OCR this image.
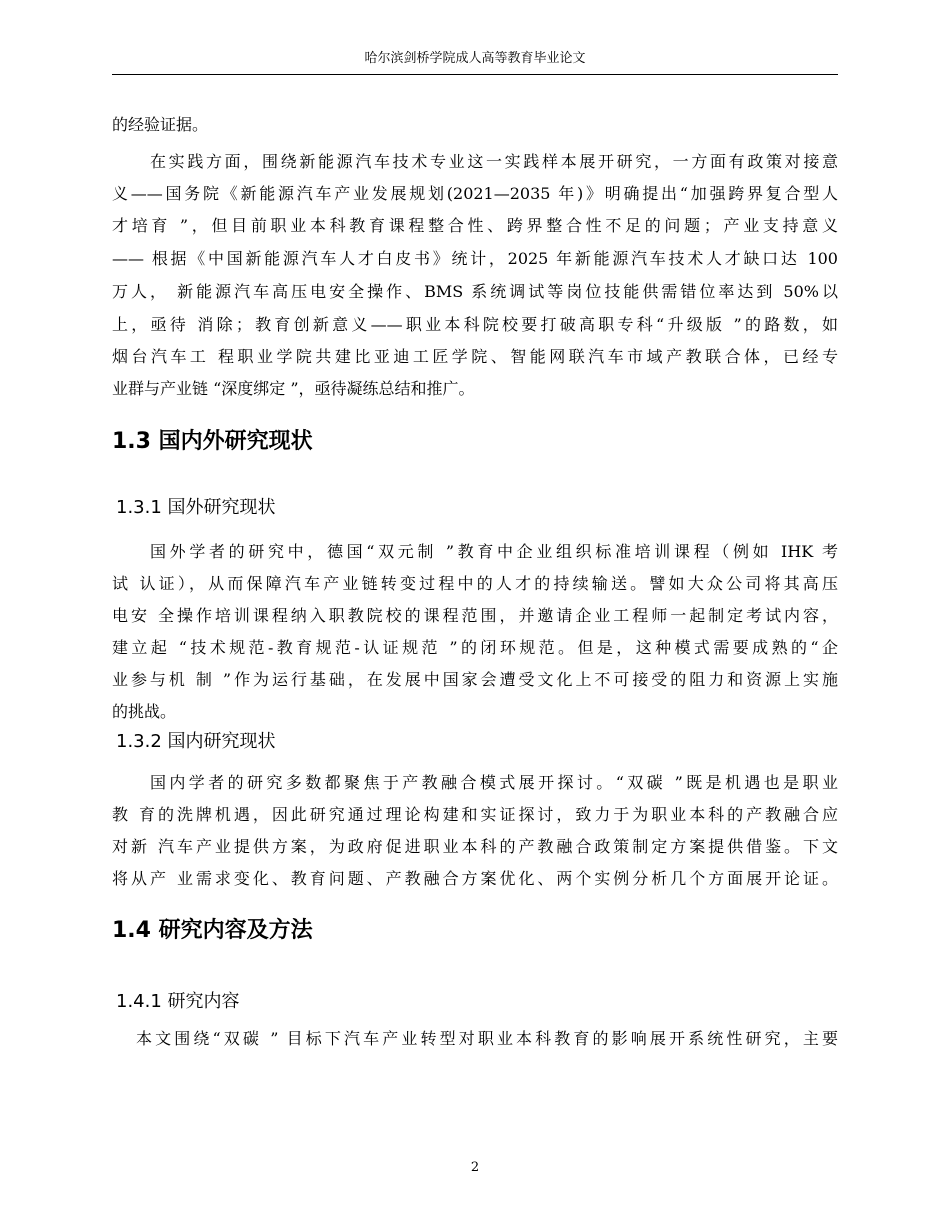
哈尔滨剑桥学院成人高等教育毕业论文
的经验证据。
在实践方面，围绕新能源汽车技术专业这一实践样本展开研究，一方面有政策对接意
义——国务院《新能源汽车产业发展规划(2021—2035 年)》明确提出“加强跨界复合型人
才培育 ”，但目前职业本科教育课程整合性、跨界整合性不足的问题；产业支持意义
—— 根据《中国新能源汽车人才白皮书》统计，2025 年新能源汽车技术人才缺口达 100
万人， 新能源汽车高压电安全操作、BMS 系统调试等岗位技能供需错位率达到 50%以
上，亟待 消除；教育创新意义——职业本科院校要打破高职专科“升级版 ”的路数，如
烟台汽车工 程职业学院共建比亚迪工匠学院、智能网联汽车市域产教联合体，已经专
业群与产业链 “深度绑定 ”，亟待凝练总结和推广。
1.3 国内外研究现状
1.3.1 国外研究现状
国外学者的研究中，德国“双元制 ”教育中企业组织标准培训课程（例如 IHK 考
试 认证），从而保障汽车产业链转变过程中的人才的持续输送。譬如大众公司将其高压
电安 全操作培训课程纳入职教院校的课程范围，并邀请企业工程师一起制定考试内容，
建立起 “技术规范-教育规范-认证规范 ”的闭环规范。但是，这种模式需要成熟的“企
业参与机 制 ”作为运行基础，在发展中国家会遭受文化上不可接受的阻力和资源上实施
的挑战。
1.3.2 国内研究现状
国内学者的研究多数都聚焦于产教融合模式展开探讨。“双碳 ”既是机遇也是职业
教 育的洗牌机遇，因此研究通过理论构建和实证探讨，致力于为职业本科的产教融合应
对新 汽车产业提供方案，为政府促进职业本科的产教融合政策制定方案提供借鉴。下文
将从产 业需求变化、教育问题、产教融合方案优化、两个实例分析几个方面展开论证。
1.4 研究内容及方法
1.4.1 研究内容
本文围绕“双碳 ” 目标下汽车产业转型对职业本科教育的影响展开系统性研究，主要
2
